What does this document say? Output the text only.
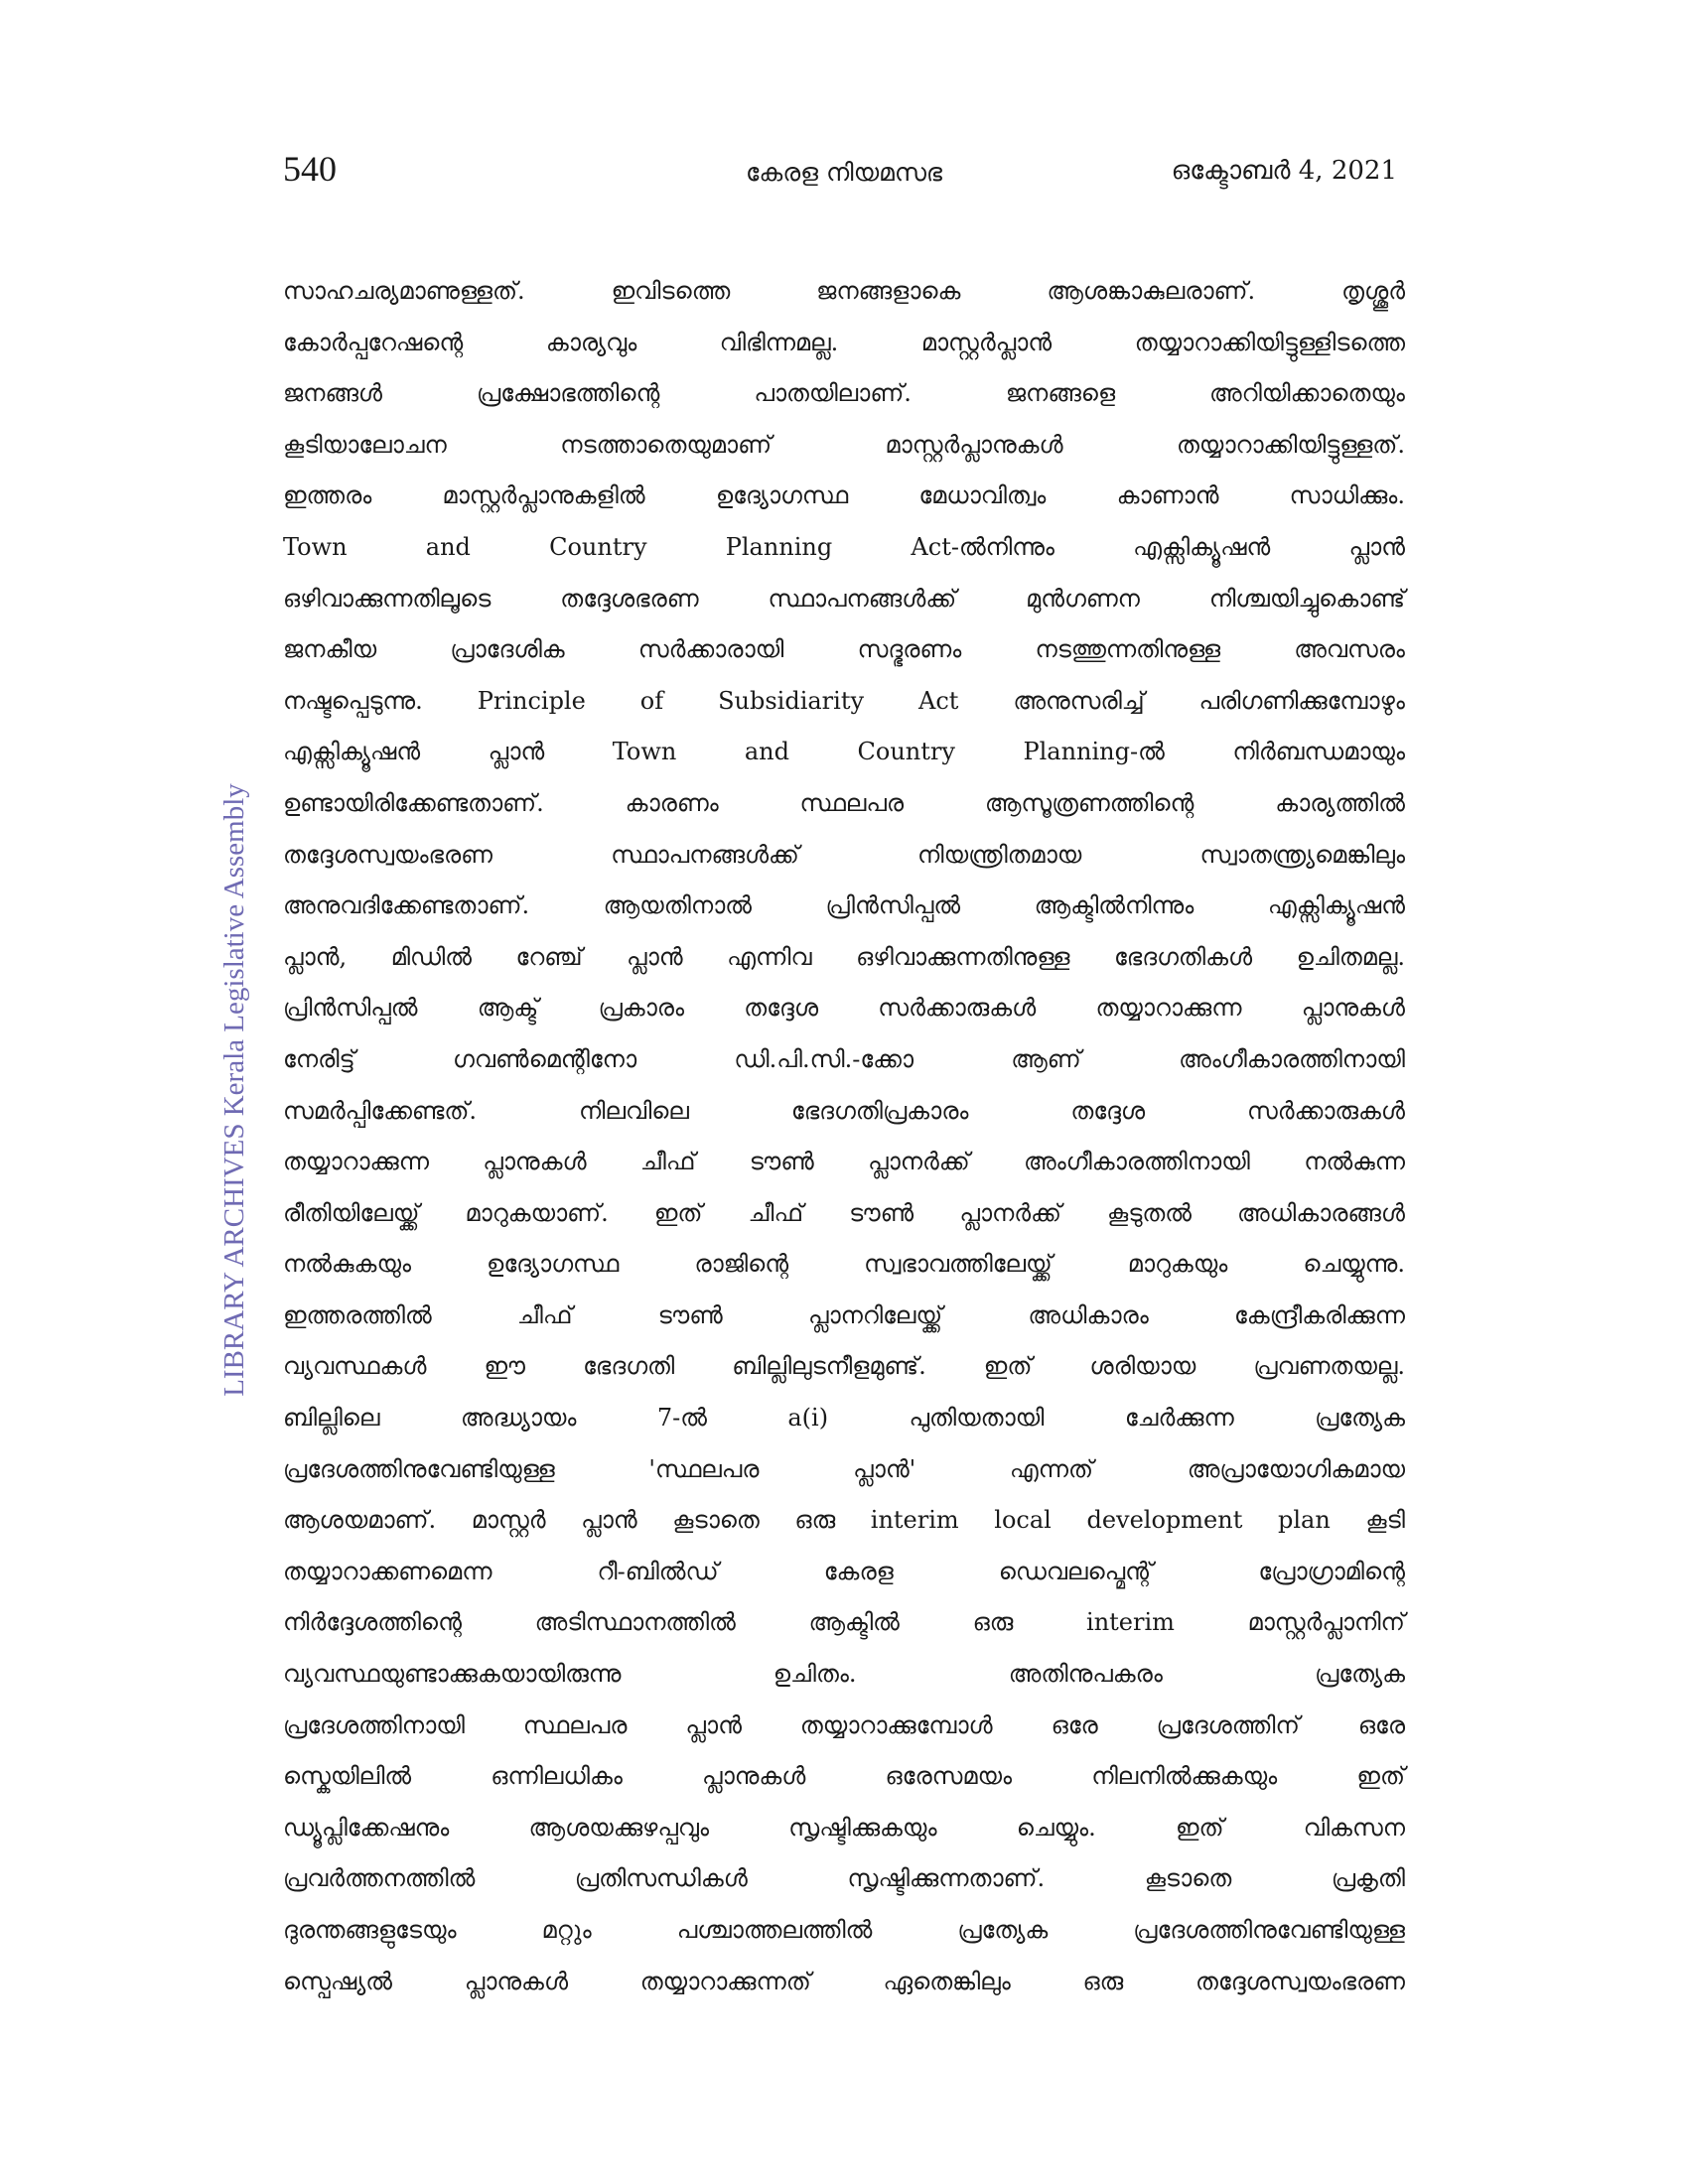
540	കേരള നിയമസഭ	ഒക്ടോബർ 4, 2021
LIBRARY ARCHIVES Kerala Legislative Assembly
സാഹചര്യമാണുള്ളത്. ഇവിടത്തെ ജനങ്ങളാകെ ആശങ്കാകുലരാണ്. തൃശ്ശൂർ
കോർപ്പറേഷന്റെ കാര്യവും വിഭിന്നമല്ല. മാസ്റ്റർപ്ലാൻ തയ്യാറാക്കിയിട്ടുള്ളിടത്തെ
ജനങ്ങൾ പ്രക്ഷോഭത്തിന്റെ പാതയിലാണ്. ജനങ്ങളെ അറിയിക്കാതെയും
കൂടിയാലോചന നടത്താതെയുമാണ് മാസ്റ്റർപ്ലാനുകൾ തയ്യാറാക്കിയിട്ടുള്ളത്.
ഇത്തരം മാസ്റ്റർപ്ലാനുകളിൽ ഉദ്യോഗസ്ഥ മേധാവിത്വം കാണാൻ സാധിക്കും.
Town and Country Planning Act-ൽനിന്നും എക്സിക്യൂഷൻ പ്ലാൻ
ഒഴിവാക്കുന്നതിലൂടെ തദ്ദേശഭരണ സ്ഥാപനങ്ങൾക്ക് മുൻഗണന നിശ്ചയിച്ചുകൊണ്ട്
ജനകീയ പ്രാദേശിക സർക്കാരായി സദ്ഭരണം നടത്തുന്നതിനുള്ള അവസരം
നഷ്ടപ്പെടുന്നു. Principle of Subsidiarity Act അനുസരിച്ച് പരിഗണിക്കുമ്പോഴും
എക്സിക്യൂഷൻ പ്ലാൻ Town and Country Planning-ൽ നിർബന്ധമായും
ഉണ്ടായിരിക്കേണ്ടതാണ്. കാരണം സ്ഥലപര ആസൂത്രണത്തിന്റെ കാര്യത്തിൽ
തദ്ദേശസ്വയംഭരണ സ്ഥാപനങ്ങൾക്ക് നിയന്ത്രിതമായ സ്വാതന്ത്ര്യമെങ്കിലും
അനുവദിക്കേണ്ടതാണ്. ആയതിനാൽ പ്രിൻസിപ്പൽ ആക്ടിൽനിന്നും എക്സിക്യൂഷൻ
പ്ലാൻ, മിഡിൽ റേഞ്ച് പ്ലാൻ എന്നിവ ഒഴിവാക്കുന്നതിനുള്ള ഭേദഗതികൾ ഉചിതമല്ല.
പ്രിൻസിപ്പൽ ആക്ട് പ്രകാരം തദ്ദേശ സർക്കാരുകൾ തയ്യാറാക്കുന്ന പ്ലാനുകൾ
നേരിട്ട് ഗവൺമെന്റിനോ ഡി.പി.സി.-ക്കോ ആണ് അംഗീകാരത്തിനായി
സമർപ്പിക്കേണ്ടത്. നിലവിലെ ഭേദഗതിപ്രകാരം തദ്ദേശ സർക്കാരുകൾ
തയ്യാറാക്കുന്ന പ്ലാനുകൾ ചീഫ് ടൗൺ പ്ലാനർക്ക് അംഗീകാരത്തിനായി നൽകുന്ന
രീതിയിലേയ്ക്ക് മാറുകയാണ്. ഇത് ചീഫ് ടൗൺ പ്ലാനർക്ക് കൂടുതൽ അധികാരങ്ങൾ
നൽകുകയും ഉദ്യോഗസ്ഥ രാജിന്റെ സ്വഭാവത്തിലേയ്ക്ക് മാറുകയും ചെയ്യുന്നു.
ഇത്തരത്തിൽ ചീഫ് ടൗൺ പ്ലാനറിലേയ്ക്ക് അധികാരം കേന്ദ്രീകരിക്കുന്ന
വ്യവസ്ഥകൾ ഈ ഭേദഗതി ബില്ലിലുടനീളമുണ്ട്. ഇത് ശരിയായ പ്രവണതയല്ല.
ബില്ലിലെ അദ്ധ്യായം 7-ൽ a(i) പുതിയതായി ചേർക്കുന്ന പ്രത്യേക
പ്രദേശത്തിനുവേണ്ടിയുള്ള 'സ്ഥലപര പ്ലാൻ' എന്നത് അപ്രായോഗികമായ
ആശയമാണ്. മാസ്റ്റർ പ്ലാൻ കൂടാതെ ഒരു interim local development plan കൂടി
തയ്യാറാക്കണമെന്ന റീ-ബിൽഡ് കേരള ഡെവലപ്മെന്റ് പ്രോഗ്രാമിന്റെ
നിർദ്ദേശത്തിന്റെ അടിസ്ഥാനത്തിൽ ആക്ടിൽ ഒരു interim മാസ്റ്റർപ്ലാനിന്
വ്യവസ്ഥയുണ്ടാക്കുകയായിരുന്നു ഉചിതം. അതിനുപകരം പ്രത്യേക
പ്രദേശത്തിനായി സ്ഥലപര പ്ലാൻ തയ്യാറാക്കുമ്പോൾ ഒരേ പ്രദേശത്തിന് ഒരേ
സ്കെയിലിൽ ഒന്നിലധികം പ്ലാനുകൾ ഒരേസമയം നിലനിൽക്കുകയും ഇത്
ഡ്യൂപ്ലിക്കേഷനും ആശയക്കുഴപ്പവും സൃഷ്ടിക്കുകയും ചെയ്യും. ഇത് വികസന
പ്രവർത്തനത്തിൽ പ്രതിസന്ധികൾ സൃഷ്ടിക്കുന്നതാണ്. കൂടാതെ പ്രകൃതി
ദുരന്തങ്ങളുടേയും മറ്റും പശ്ചാത്തലത്തിൽ പ്രത്യേക പ്രദേശത്തിനുവേണ്ടിയുള്ള
സ്പെഷ്യൽ പ്ലാനുകൾ തയ്യാറാക്കുന്നത് ഏതെങ്കിലും ഒരു തദ്ദേശസ്വയംഭരണ
